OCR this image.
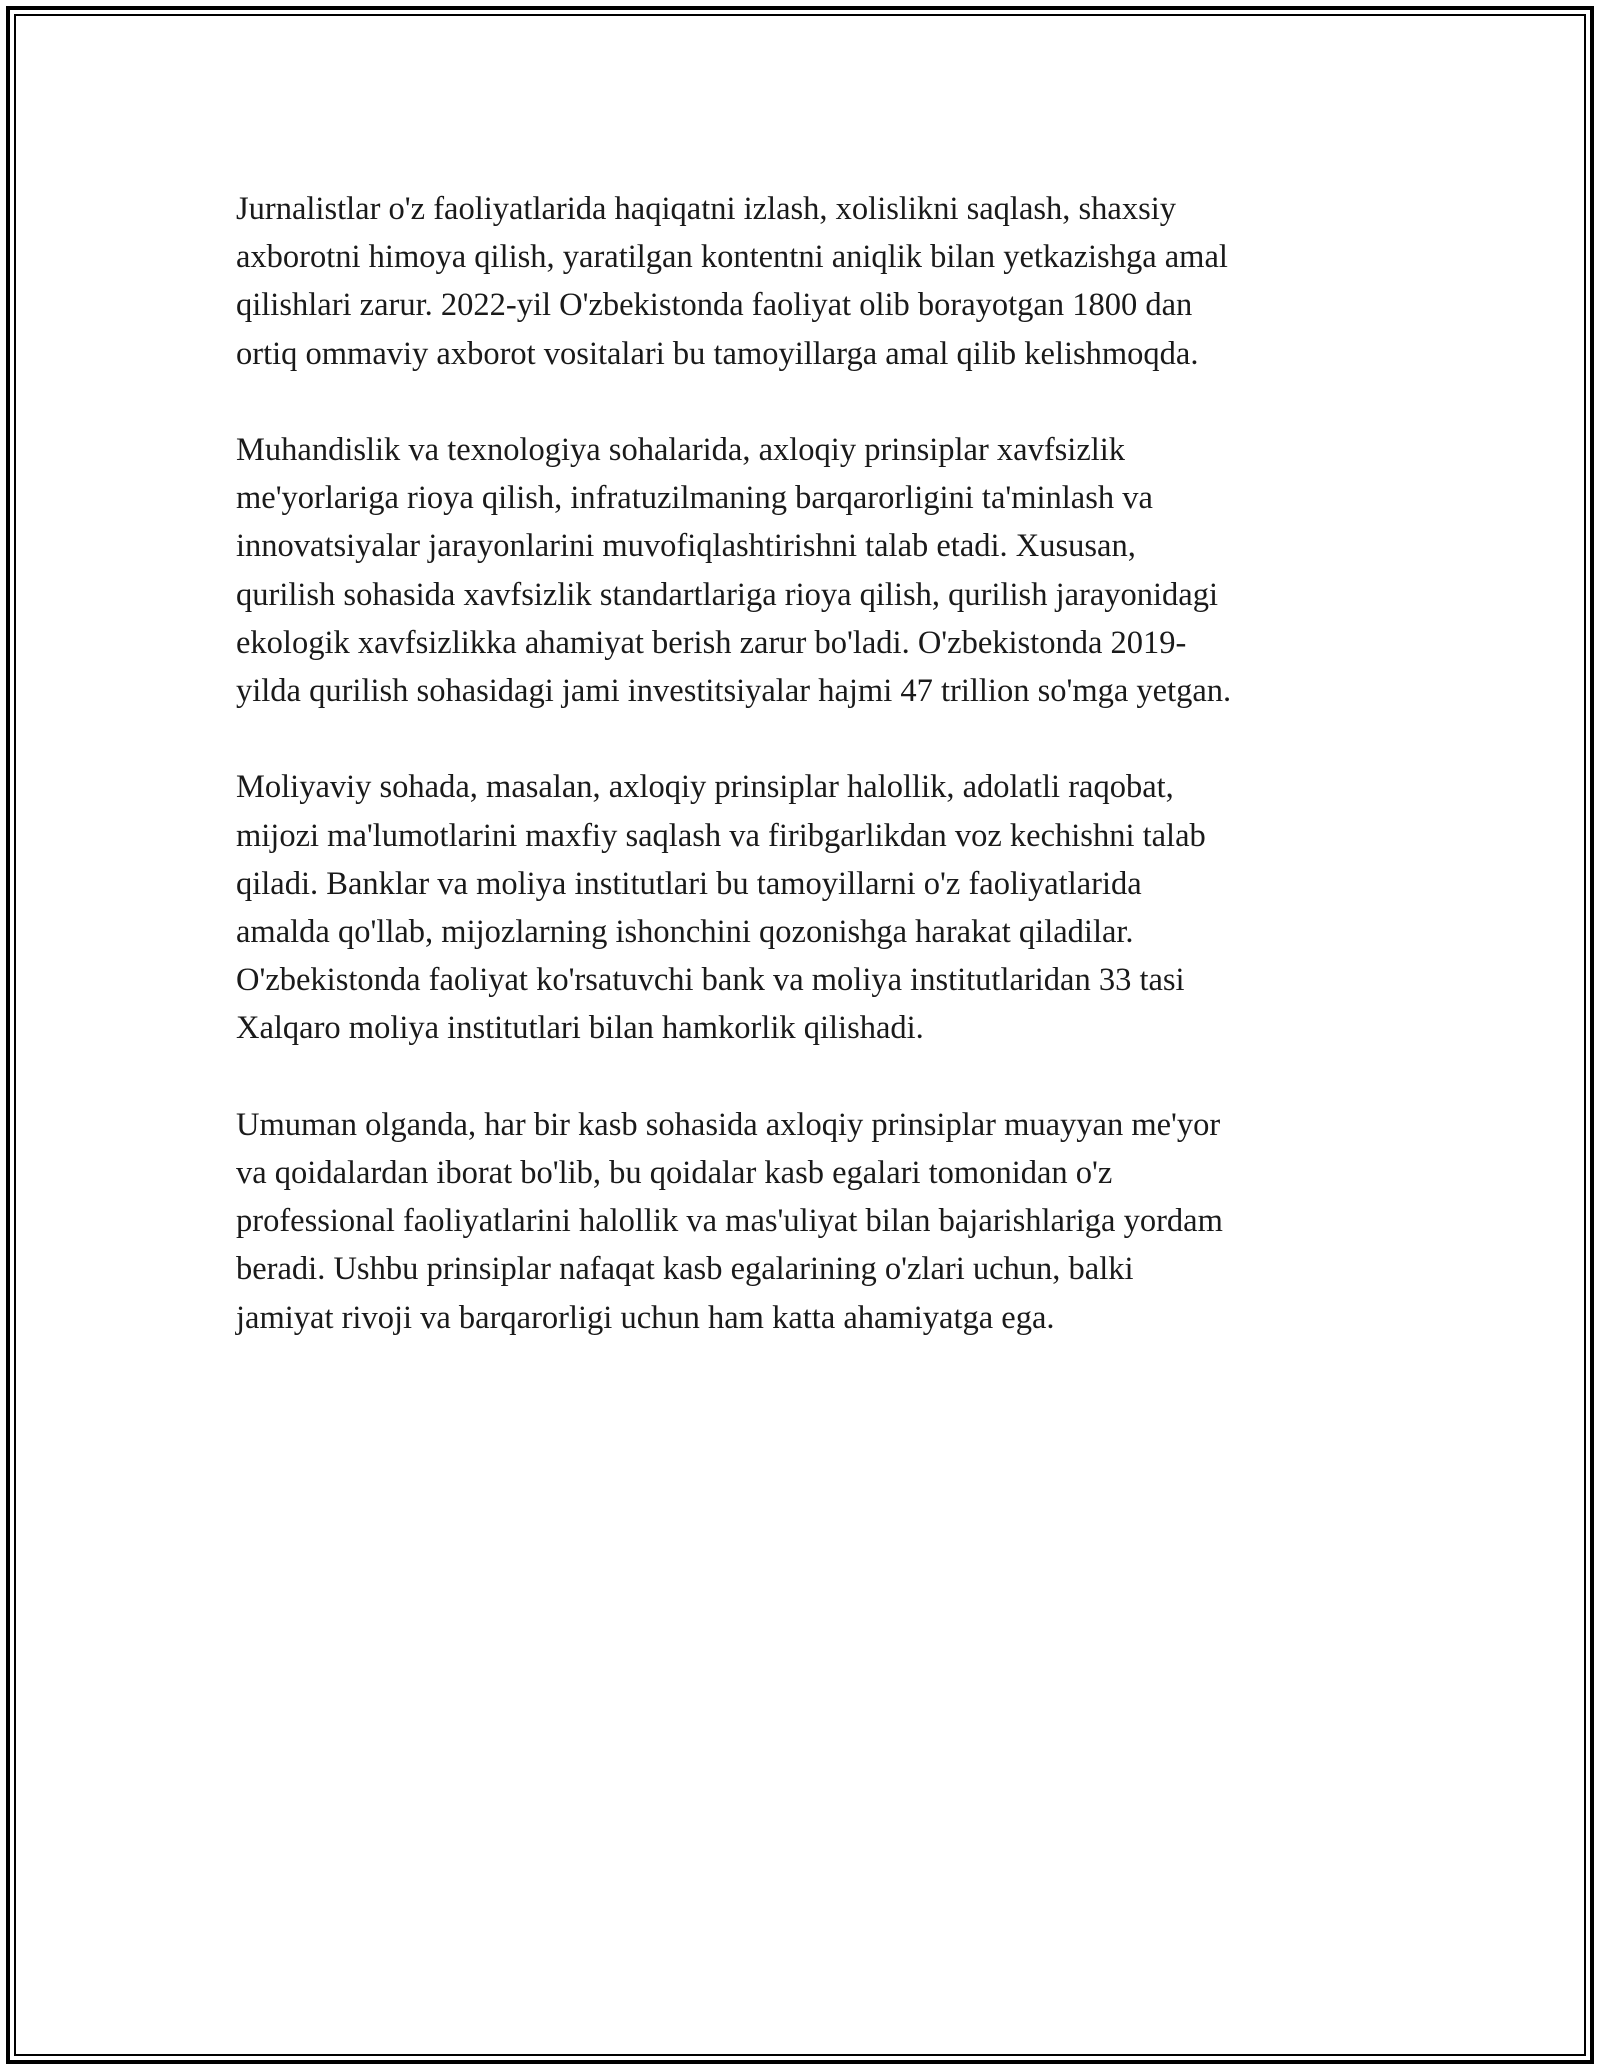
Jurnalistlar o'z faoliyatlarida haqiqatni izlash, xolislikni saqlash, shaxsiy
axborotni himoya qilish, yaratilgan kontentni aniqlik bilan yetkazishga amal
qilishlari zarur. 2022-yil O'zbekistonda faoliyat olib borayotgan 1800 dan
ortiq ommaviy axborot vositalari bu tamoyillarga amal qilib kelishmoqda.

Muhandislik va texnologiya sohalarida, axloqiy prinsiplar xavfsizlik
me'yorlariga rioya qilish, infratuzilmaning barqarorligini ta'minlash va
innovatsiyalar jarayonlarini muvofiqlashtirishni talab etadi. Xususan,
qurilish sohasida xavfsizlik standartlariga rioya qilish, qurilish jarayonidagi
ekologik xavfsizlikka ahamiyat berish zarur bo'ladi. O'zbekistonda 2019-
yilda qurilish sohasidagi jami investitsiyalar hajmi 47 trillion so'mga yetgan.

Moliyaviy sohada, masalan, axloqiy prinsiplar halollik, adolatli raqobat,
mijozi ma'lumotlarini maxfiy saqlash va firibgarlikdan voz kechishni talab
qiladi. Banklar va moliya institutlari bu tamoyillarni o'z faoliyatlarida
amalda qo'llab, mijozlarning ishonchini qozonishga harakat qiladilar.
O'zbekistonda faoliyat ko'rsatuvchi bank va moliya institutlaridan 33 tasi
Xalqaro moliya institutlari bilan hamkorlik qilishadi.

Umuman olganda, har bir kasb sohasida axloqiy prinsiplar muayyan me'yor
va qoidalardan iborat bo'lib, bu qoidalar kasb egalari tomonidan o'z
professional faoliyatlarini halollik va mas'uliyat bilan bajarishlariga yordam
beradi. Ushbu prinsiplar nafaqat kasb egalarining o'zlari uchun, balki
jamiyat rivoji va barqarorligi uchun ham katta ahamiyatga ega.
